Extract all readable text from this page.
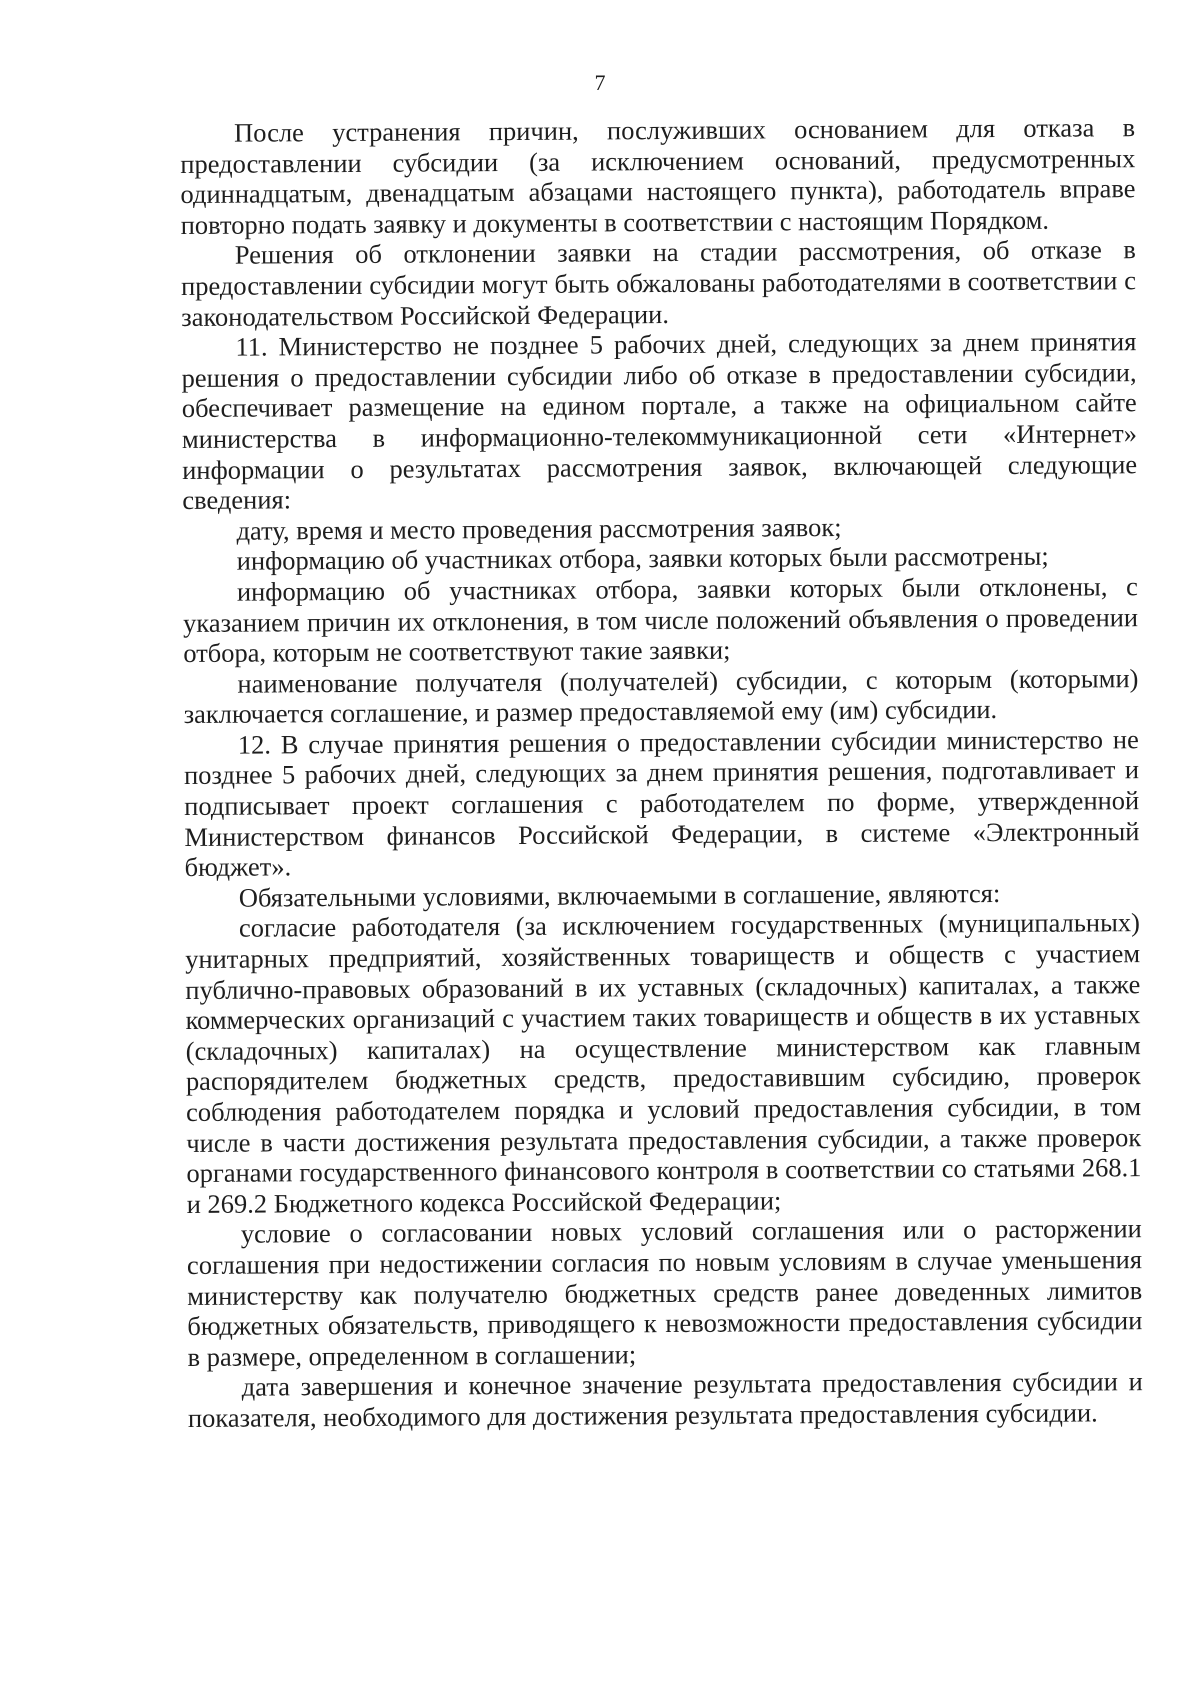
7

После устранения причин, послуживших основанием для отказа в предоставлении субсидии (за исключением оснований, предусмотренных одиннадцатым, двенадцатым абзацами настоящего пункта), работодатель вправе повторно подать заявку и документы в соответствии с настоящим Порядком.

Решения об отклонении заявки на стадии рассмотрения, об отказе в предоставлении субсидии могут быть обжалованы работодателями в соответствии с законодательством Российской Федерации.

11. Министерство не позднее 5 рабочих дней, следующих за днем принятия решения о предоставлении субсидии либо об отказе в предоставлении субсидии, обеспечивает размещение на едином портале, а также на официальном сайте министерства в информационно-телекоммуникационной сети «Интернет» информации о результатах рассмотрения заявок, включающей следующие сведения:

дату, время и место проведения рассмотрения заявок;

информацию об участниках отбора, заявки которых были рассмотрены;

информацию об участниках отбора, заявки которых были отклонены, с указанием причин их отклонения, в том числе положений объявления о проведении отбора, которым не соответствуют такие заявки;

наименование получателя (получателей) субсидии, с которым (которыми) заключается соглашение, и размер предоставляемой ему (им) субсидии.

12. В случае принятия решения о предоставлении субсидии министерство не позднее 5 рабочих дней, следующих за днем принятия решения, подготавливает и подписывает проект соглашения с работодателем по форме, утвержденной Министерством финансов Российской Федерации, в системе «Электронный бюджет».

Обязательными условиями, включаемыми в соглашение, являются:

согласие работодателя (за исключением государственных (муниципальных) унитарных предприятий, хозяйственных товариществ и обществ с участием публично-правовых образований в их уставных (складочных) капиталах, а также коммерческих организаций с участием таких товариществ и обществ в их уставных (складочных) капиталах) на осуществление министерством как главным распорядителем бюджетных средств, предоставившим субсидию, проверок соблюдения работодателем порядка и условий предоставления субсидии, в том числе в части достижения результата предоставления субсидии, а также проверок органами государственного финансового контроля в соответствии со статьями 268.1 и 269.2 Бюджетного кодекса Российской Федерации;

условие о согласовании новых условий соглашения или о расторжении соглашения при недостижении согласия по новым условиям в случае уменьшения министерству как получателю бюджетных средств ранее доведенных лимитов бюджетных обязательств, приводящего к невозможности предоставления субсидии в размере, определенном в соглашении;

дата завершения и конечное значение результата предоставления субсидии и показателя, необходимого для достижения результата предоставления субсидии.
